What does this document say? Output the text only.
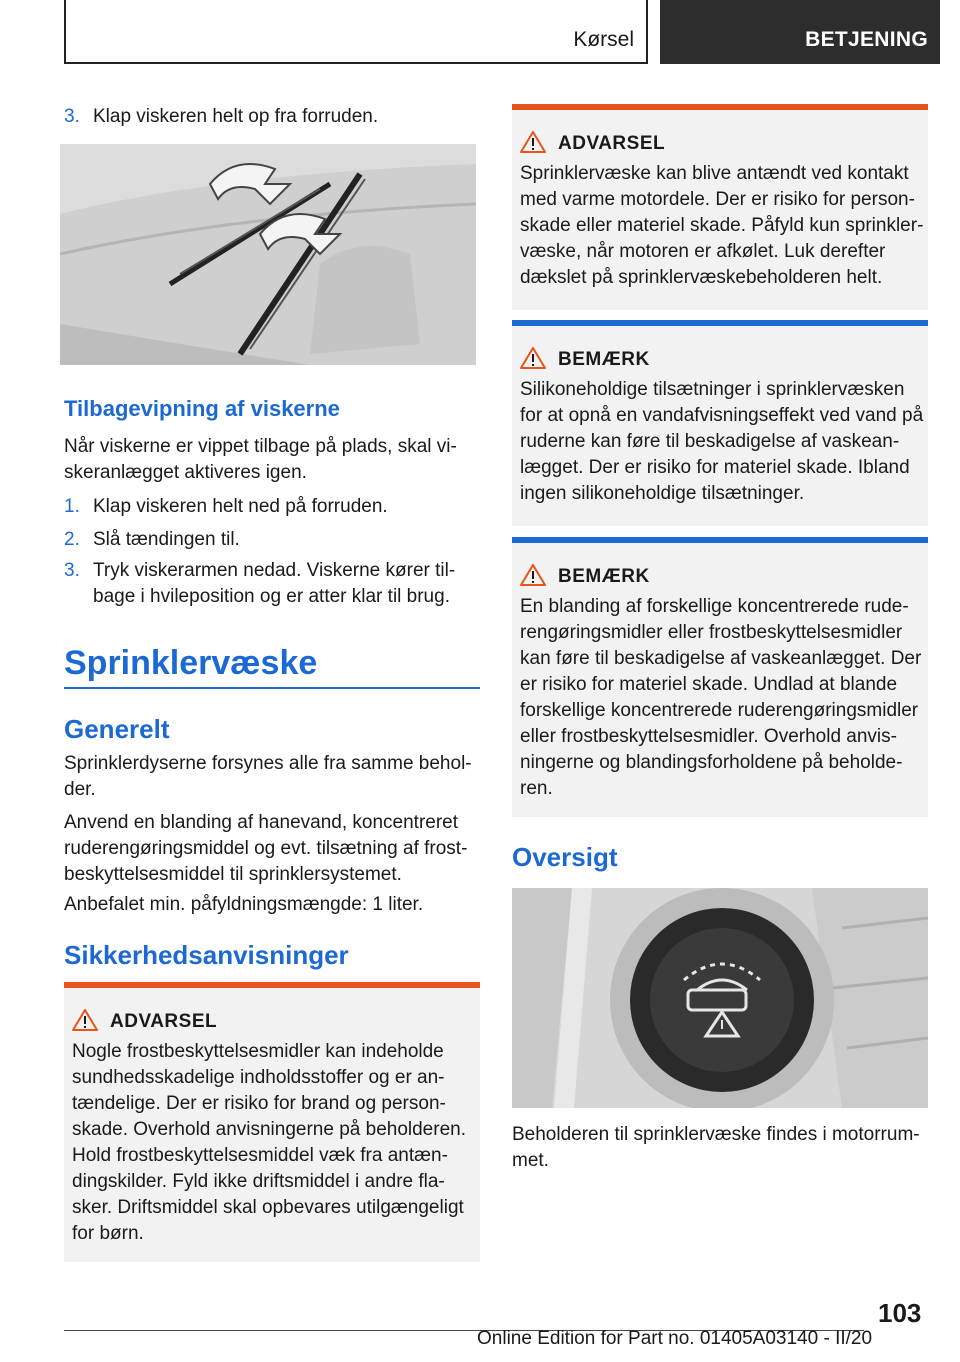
Kørsel	BETJENING
3. Klap viskeren helt op fra forruden.
Tilbagevipning af viskerne
Når viskerne er vippet tilbage på plads, skal vi-skeranlægget aktiveres igen.
1. Klap viskeren helt ned på forruden.
2. Slå tændingen til.
3. Tryk viskerarmen nedad. Viskerne kører til-bage i hvileposition og er atter klar til brug.
Sprinklervæske
Generelt
Sprinklerdyserne forsynes alle fra samme behol-der.
Anvend en blanding af hanevand, koncentreret ruderengøringsmiddel og evt. tilsætning af frost-beskyttelsesmiddel til sprinklersystemet.
Anbefalet min. påfyldningsmængde: 1 liter.
Sikkerhedsanvisninger
ADVARSEL
Nogle frostbeskyttelsesmidler kan indeholde sundhedsskadelige indholdsstoffer og er an-tændelige. Der er risiko for brand og person-skade. Overhold anvisningerne på beholderen. Hold frostbeskyttelsesmiddel væk fra antæn-dingskilder. Fyld ikke driftsmiddel i andre fla-sker. Driftsmiddel skal opbevares utilgængeligt for børn.
ADVARSEL
Sprinklervæske kan blive antændt ved kontakt med varme motordele. Der er risiko for person-skade eller materiel skade. Påfyld kun sprinkler-væske, når motoren er afkølet. Luk derefter dækslet på sprinklervæskebeholderen helt.
BEMÆRK
Silikoneholdige tilsætninger i sprinklervæsken for at opnå en vandafvisningseffekt ved vand på ruderne kan føre til beskadigelse af vaskean-lægget. Der er risiko for materiel skade. Ibland ingen silikoneholdige tilsætninger.
BEMÆRK
En blanding af forskellige koncentrerede rude-rengøringsmidler eller frostbeskyttelsesmidler kan føre til beskadigelse af vaskeanlægget. Der er risiko for materiel skade. Undlad at blande forskellige koncentrerede ruderengøringsmidler eller frostbeskyttelsesmidler. Overhold anvis-ningerne og blandingsforholdene på beholde-ren.
Oversigt
Beholderen til sprinklervæske findes i motorrum-met.
103
Online Edition for Part no. 01405A03140 - II/20
